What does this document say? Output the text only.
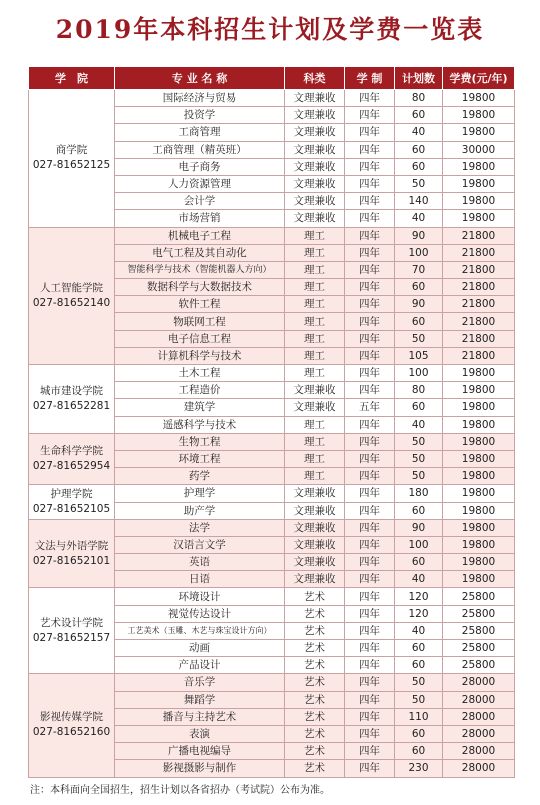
2019年本科招生计划及学费一览表
学　院	专 业 名 称	科类	学 制	计划数	学费(元/年)

商学院
027-81652125	国际经济与贸易	文理兼收	四年	80	19800
	投资学	文理兼收	四年	60	19800
	工商管理	文理兼收	四年	40	19800
	工商管理（精英班）	文理兼收	四年	60	30000
	电子商务	文理兼收	四年	60	19800
	人力资源管理	文理兼收	四年	50	19800
	会计学	文理兼收	四年	140	19800
	市场营销	文理兼收	四年	40	19800

人工智能学院
027-81652140	机械电子工程	理工	四年	90	21800
	电气工程及其自动化	理工	四年	100	21800
	智能科学与技术（智能机器人方向）	理工	四年	70	21800
	数据科学与大数据技术	理工	四年	60	21800
	软件工程	理工	四年	90	21800
	物联网工程	理工	四年	60	21800
	电子信息工程	理工	四年	50	21800
	计算机科学与技术	理工	四年	105	21800

城市建设学院
027-81652281	土木工程	理工	四年	100	19800
	工程造价	文理兼收	四年	80	19800
	建筑学	文理兼收	五年	60	19800
	遥感科学与技术	理工	四年	40	19800

生命科学学院
027-81652954	生物工程	理工	四年	50	19800
	环境工程	理工	四年	50	19800
	药学	理工	四年	50	19800

护理学院
027-81652105	护理学	文理兼收	四年	180	19800
	助产学	文理兼收	四年	60	19800

文法与外语学院
027-81652101	法学	文理兼收	四年	90	19800
	汉语言文学	文理兼收	四年	100	19800
	英语	文理兼收	四年	60	19800
	日语	文理兼收	四年	40	19800

艺术设计学院
027-81652157	环境设计	艺术	四年	120	25800
	视觉传达设计	艺术	四年	120	25800
	工艺美术（玉雕、木艺与珠宝设计方向）	艺术	四年	40	25800
	动画	艺术	四年	60	25800
	产品设计	艺术	四年	60	25800

影视传媒学院
027-81652160	音乐学	艺术	四年	50	28000
	舞蹈学	艺术	四年	50	28000
	播音与主持艺术	艺术	四年	110	28000
	表演	艺术	四年	60	28000
	广播电视编导	艺术	四年	60	28000
	影视摄影与制作	艺术	四年	230	28000
注：本科面向全国招生，招生计划以各省招办（考试院）公布为准。
